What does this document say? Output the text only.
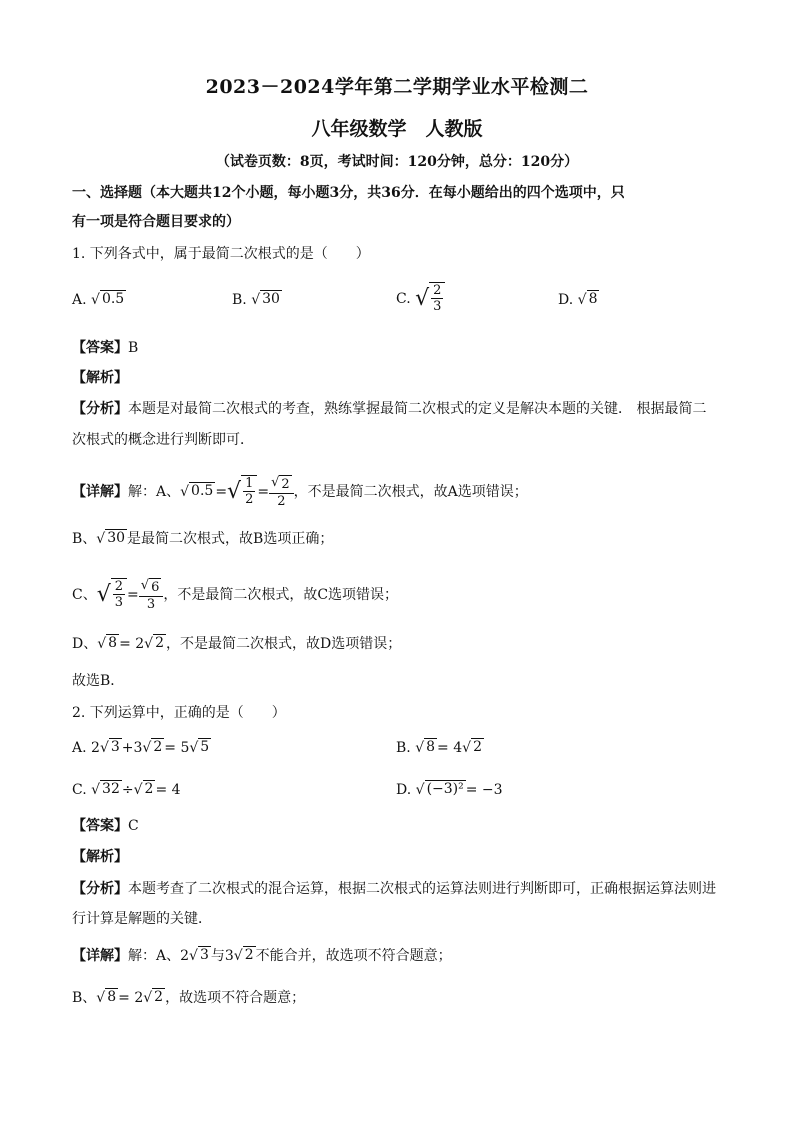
2023－2024学年第二学期学业水平检测二
八年级数学　人教版
（试卷页数：8页，考试时间：120分钟，总分：120分）
一、选择题（本大题共12个小题，每小题3分，共36分．在每小题给出的四个选项中，只
有一项是符合题目要求的）
1. 下列各式中，属于最简二次根式的是（　　）
A. √ 0.5	B. √ 30	C. √ $\frac{2}{3}$	D. √ 8
【答案】B
【解析】
【分析】本题是对最简二次根式的考查，熟练掌握最简二次根式的定义是解决本题的关键． 根据最简二
次根式的概念进行判断即可．
【详解】解：A、 √ 0.5 = √ $\frac{1}{2} = \frac{√ 2}{2}$ ，不是最简二次根式，故A选项错误；
B、 √ 30 是最简二次根式，故B选项正确；
C、 √ $\frac{2}{3} = \frac{√ 6}{3}$ ，不是最简二次根式，故C选项错误；
D、 √ 8 = 2 √ 2 ，不是最简二次根式，故D选项错误；
故选B．
2. 下列运算中，正确的是（　　）
A. 2 √ 3 +3 √ 2 = 5 √ 5	B. √ 8 = 4 √ 2
C. √ 32 ÷ √ 2 = 4	D. √ (−3)² = −3
【答案】C
【解析】
【分析】本题考查了二次根式的混合运算，根据二次根式的运算法则进行判断即可，正确根据运算法则进
行计算是解题的关键．
【详解】解：A、2 √ 3 与3 √ 2 不能合并，故选项不符合题意；
B、 √ 8 = 2 √ 2 ，故选项不符合题意；
